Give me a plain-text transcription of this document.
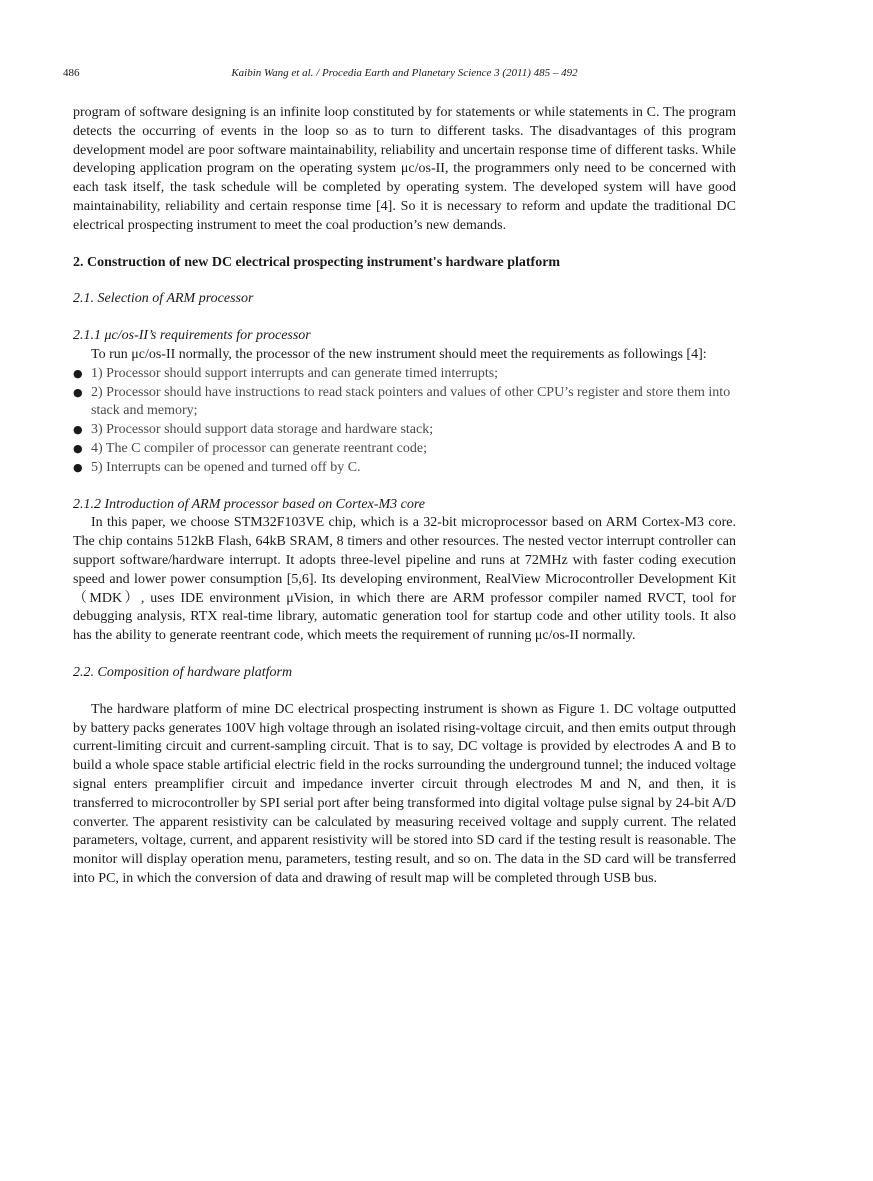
486	Kaibin Wang et al. / Procedia Earth and Planetary Science 3 (2011) 485 – 492

program of software designing is an infinite loop constituted by for statements or while statements in C. The program detects the occurring of events in the loop so as to turn to different tasks. The disadvantages of this program development model are poor software maintainability, reliability and uncertain response time of different tasks. While developing application program on the operating system μc/os-II, the programmers only need to be concerned with each task itself, the task schedule will be completed by operating system. The developed system will have good maintainability, reliability and certain response time [4]. So it is necessary to reform and update the traditional DC electrical prospecting instrument to meet the coal production’s new demands.

2. Construction of new DC electrical prospecting instrument's hardware platform
2.1. Selection of ARM processor
2.1.1 μc/os-II’s requirements for processor

To run μc/os-II normally, the processor of the new instrument should meet the requirements as followings [4]:

● 1) Processor should support interrupts and can generate timed interrupts;
● 2) Processor should have instructions to read stack pointers and values of other CPU’s register and store them into stack and memory;
● 3) Processor should support data storage and hardware stack;
● 4) The C compiler of processor can generate reentrant code;
● 5) Interrupts can be opened and turned off by C.
2.1.2 Introduction of ARM processor based on Cortex-M3 core

In this paper, we choose STM32F103VE chip, which is a 32-bit microprocessor based on ARM Cortex-M3 core. The chip contains 512kB Flash, 64kB SRAM, 8 timers and other resources. The nested vector interrupt controller can support software/hardware interrupt. It adopts three-level pipeline and runs at 72MHz with faster coding execution speed and lower power consumption [5,6]. Its developing environment, RealView Microcontroller Development Kit（MDK）, uses IDE environment μVision, in which there are ARM professor compiler named RVCT, tool for debugging analysis, RTX real-time library, automatic generation tool for startup code and other utility tools. It also has the ability to generate reentrant code, which meets the requirement of running μc/os-II normally.

2.2. Composition of hardware platform

The hardware platform of mine DC electrical prospecting instrument is shown as Figure 1. DC voltage outputted by battery packs generates 100V high voltage through an isolated rising-voltage circuit, and then emits output through current-limiting circuit and current-sampling circuit. That is to say, DC voltage is provided by electrodes A and B to build a whole space stable artificial electric field in the rocks surrounding the underground tunnel; the induced voltage signal enters preamplifier circuit and impedance inverter circuit through electrodes M and N, and then, it is transferred to microcontroller by SPI serial port after being transformed into digital voltage pulse signal by 24-bit A/D converter. The apparent resistivity can be calculated by measuring received voltage and supply current. The related parameters, voltage, current, and apparent resistivity will be stored into SD card if the testing result is reasonable. The monitor will display operation menu, parameters, testing result, and so on. The data in the SD card will be transferred into PC, in which the conversion of data and drawing of result map will be completed through USB bus.
